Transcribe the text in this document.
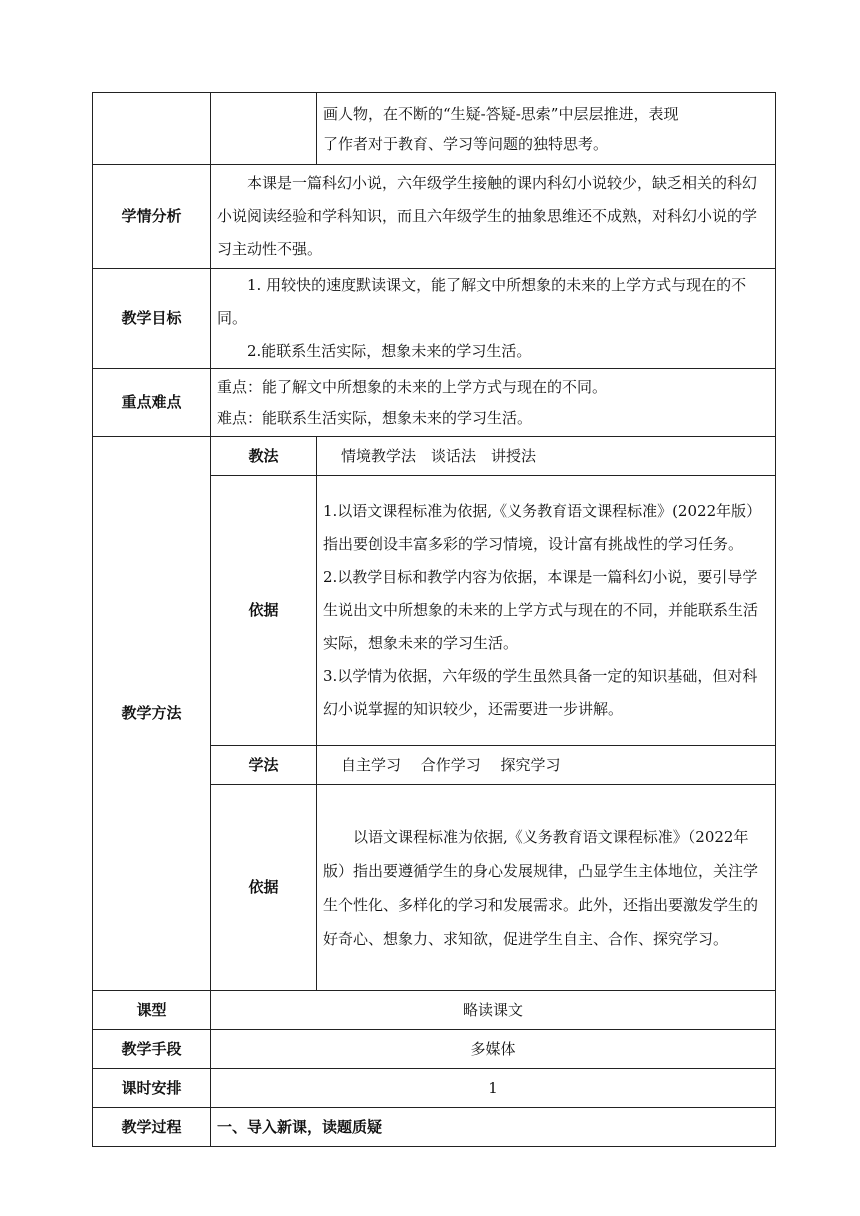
		画人物，在不断的“生疑-答疑-思索”中层层推进，表现
了作者对于教育、学习等问题的独特思考。

学情分析	本课是一篇科幻小说，六年级学生接触的课内科幻小说较少，缺乏相关的科幻小说阅读经验和学科知识，而且六年级学生的抽象思维还不成熟，对科幻小说的学习主动性不强。	

教学目标	1. 用较快的速度默读课文，能了解文中所想象的未来的上学方式与现在的不同。

2.能联系生活实际，想象未来的学习生活。	

重点难点	重点：能了解文中所想象的未来的上学方式与现在的不同。
难点：能联系生活实际，想象未来的学习生活。	

教学方法	教法	情境教学法　谈话法　讲授法
	依据	1.以语文课程标准为依据,《义务教育语文课程标准》(2022年版）指出要创设丰富多彩的学习情境，设计富有挑战性的学习任务。

2.以教学目标和教学内容为依据，本课是一篇科幻小说，要引导学生说出文中所想象的未来的上学方式与现在的不同，并能联系生活实际，想象未来的学习生活。

3.以学情为依据，六年级的学生虽然具备一定的知识基础，但对科幻小说掌握的知识较少，还需要进一步讲解。

	学法	自主学习　 合作学习　 探究学习
	依据	以语文课程标准为依据,《义务教育语文课程标准》（2022年版）指出要遵循学生的身心发展规律，凸显学生主体地位，关注学生个性化、多样化的学习和发展需求。此外，还指出要激发学生的好奇心、想象力、求知欲，促进学生自主、合作、探究学习。

课型	略读课文	
教学手段	多媒体	
课时安排	1	
教学过程	一、导入新课，读题质疑	
